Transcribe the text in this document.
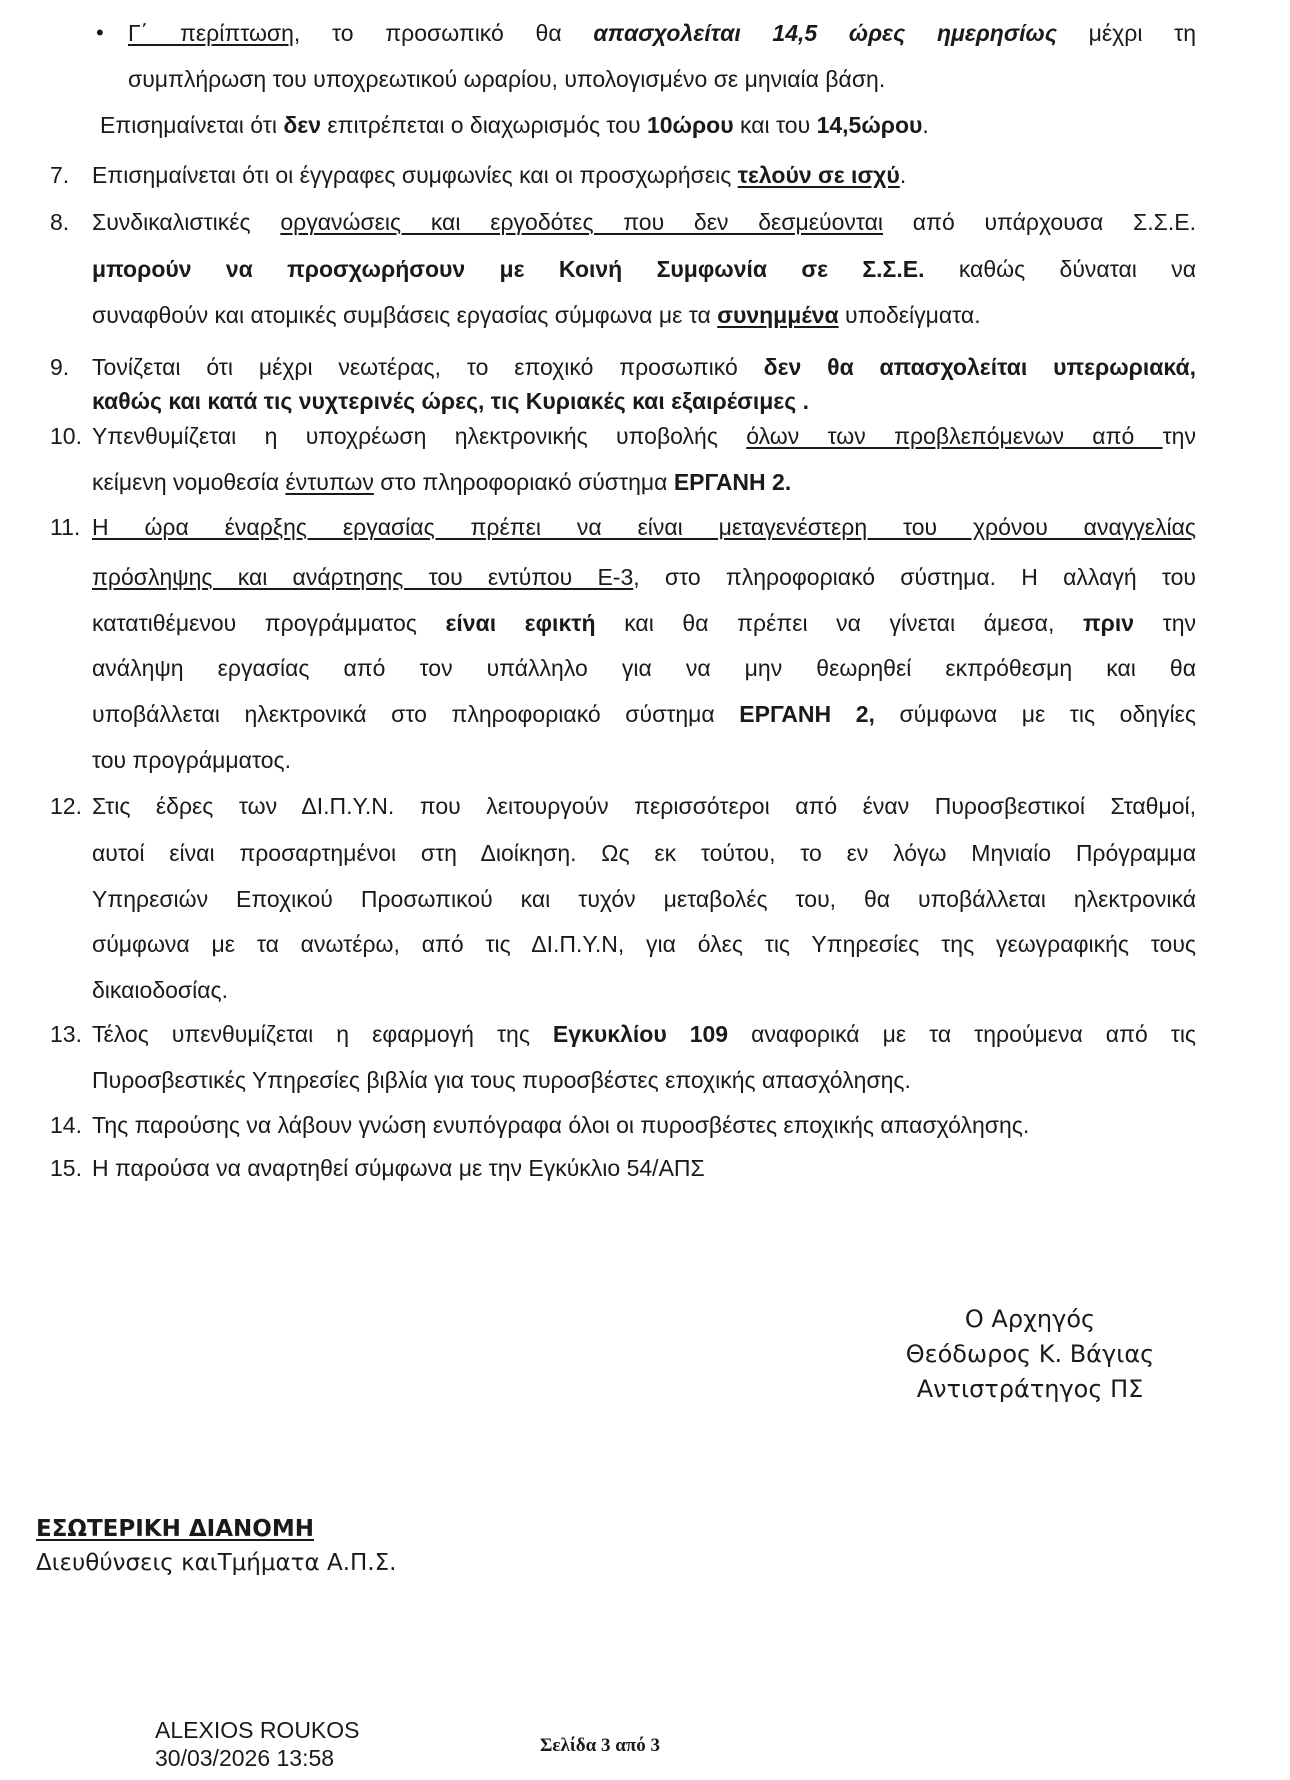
• Γ΄ περίπτωση, το προσωπικό θα απασχολείται 14,5 ώρες ημερησίως μέχρι τη
συμπλήρωση του υποχρεωτικού ωραρίου, υπολογισμένο σε μηνιαία βάση.
Επισημαίνεται ότι δεν επιτρέπεται ο διαχωρισμός του 10ώρου και του 14,5ώρου.
7. Επισημαίνεται ότι οι έγγραφες συμφωνίες και οι προσχωρήσεις τελούν σε ισχύ.
8. Συνδικαλιστικές οργανώσεις και εργοδότες που δεν δεσμεύονται από υπάρχουσα Σ.Σ.Ε.
μπορούν να προσχωρήσουν με Κοινή Συμφωνία σε Σ.Σ.Ε. καθώς δύναται να
συναφθούν και ατομικές συμβάσεις εργασίας σύμφωνα με τα συνημμένα υποδείγματα.
9. Τονίζεται ότι μέχρι νεωτέρας, το εποχικό προσωπικό δεν θα απασχολείται υπερωριακά,
καθώς και κατά τις νυχτερινές ώρες, τις Κυριακές και εξαιρέσιμες .
10. Υπενθυμίζεται η υποχρέωση ηλεκτρονικής υποβολής όλων των προβλεπόμενων από την
κείμενη νομοθεσία έντυπων στο πληροφοριακό σύστημα ΕΡΓΑΝΗ 2.
11. Η ώρα έναρξης εργασίας πρέπει να είναι μεταγενέστερη του χρόνου αναγγελίας
πρόσληψης και ανάρτησης του εντύπου Ε-3, στο πληροφοριακό σύστημα. Η αλλαγή του
κατατιθέμενου προγράμματος είναι εφικτή και θα πρέπει να γίνεται άμεσα, πριν την
ανάληψη εργασίας από τον υπάλληλο για να μην θεωρηθεί εκπρόθεσμη και θα
υποβάλλεται ηλεκτρονικά στο πληροφοριακό σύστημα ΕΡΓΑΝΗ 2, σύμφωνα με τις οδηγίες
του προγράμματος.
12. Στις έδρες των ΔΙ.Π.Υ.Ν. που λειτουργούν περισσότεροι από έναν Πυροσβεστικοί Σταθμοί,
αυτοί είναι προσαρτημένοι στη Διοίκηση. Ως εκ τούτου, το εν λόγω Μηνιαίο Πρόγραμμα
Υπηρεσιών Εποχικού Προσωπικού και τυχόν μεταβολές του, θα υποβάλλεται ηλεκτρονικά
σύμφωνα με τα ανωτέρω, από τις ΔΙ.Π.Υ.Ν, για όλες τις Υπηρεσίες της γεωγραφικής τους
δικαιοδοσίας.
13. Τέλος υπενθυμίζεται η εφαρμογή της Εγκυκλίου 109 αναφορικά με τα τηρούμενα από τις
Πυροσβεστικές Υπηρεσίες βιβλία για τους πυροσβέστες εποχικής απασχόλησης.
14. Της παρούσης να λάβουν γνώση ενυπόγραφα όλοι οι πυροσβέστες εποχικής απασχόλησης.
15. Η παρούσα να αναρτηθεί σύμφωνα με την Εγκύκλιο 54/ΑΠΣ
Ο Αρχηγός
Θεόδωρος Κ. Βάγιας
Αντιστράτηγος ΠΣ
ΕΣΩΤΕΡΙΚΗ ΔΙΑΝΟΜΗ
Διευθύνσεις καιΤμήματα Α.Π.Σ.
ALEXIOS ROUKOS
30/03/2026 13:58	Σελίδα 3 από 3
